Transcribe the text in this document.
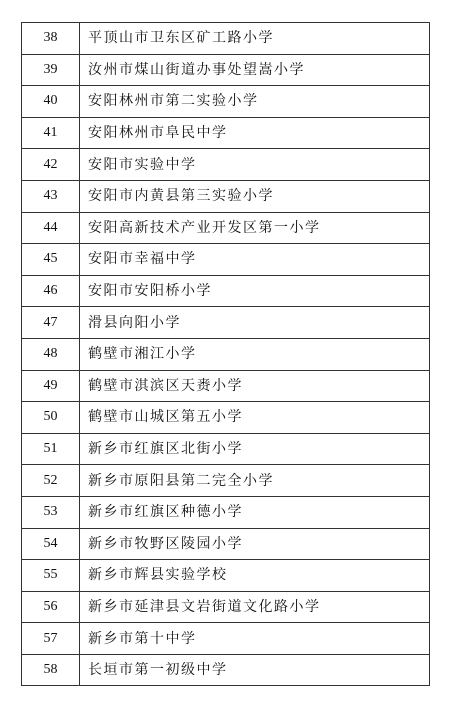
38	平顶山市卫东区矿工路小学
39	汝州市煤山街道办事处望嵩小学
40	安阳林州市第二实验小学
41	安阳林州市阜民中学
42	安阳市实验中学
43	安阳市内黄县第三实验小学
44	安阳高新技术产业开发区第一小学
45	安阳市幸福中学
46	安阳市安阳桥小学
47	滑县向阳小学
48	鹤壁市湘江小学
49	鹤壁市淇滨区天赉小学
50	鹤壁市山城区第五小学
51	新乡市红旗区北街小学
52	新乡市原阳县第二完全小学
53	新乡市红旗区种德小学
54	新乡市牧野区陵园小学
55	新乡市辉县实验学校
56	新乡市延津县文岩街道文化路小学
57	新乡市第十中学
58	长垣市第一初级中学
